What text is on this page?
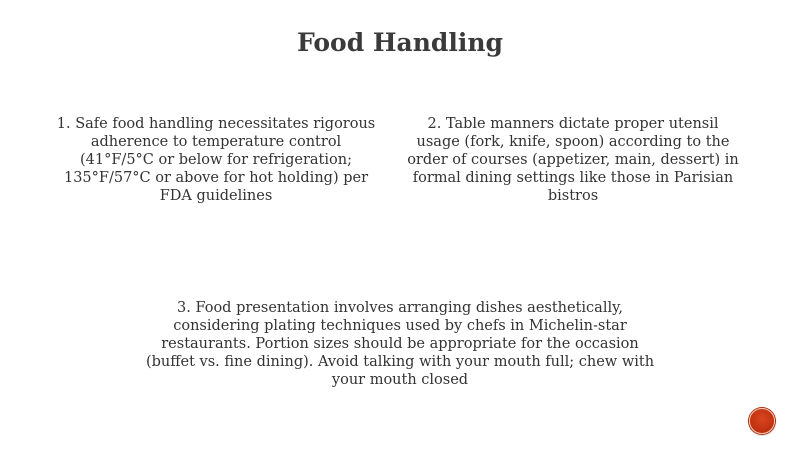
Food Handling

1. Safe food handling necessitates rigorous adherence to temperature control (41°F/5°C or below for refrigeration; 135°F/57°C or above for hot holding) per FDA guidelines

2. Table manners dictate proper utensil usage (fork, knife, spoon) according to the order of courses (appetizer, main, dessert) in formal dining settings like those in Parisian bistros

3. Food presentation involves arranging dishes aesthetically, considering plating techniques used by chefs in Michelin-star restaurants. Portion sizes should be appropriate for the occasion (buffet vs. fine dining). Avoid talking with your mouth full; chew with your mouth closed
